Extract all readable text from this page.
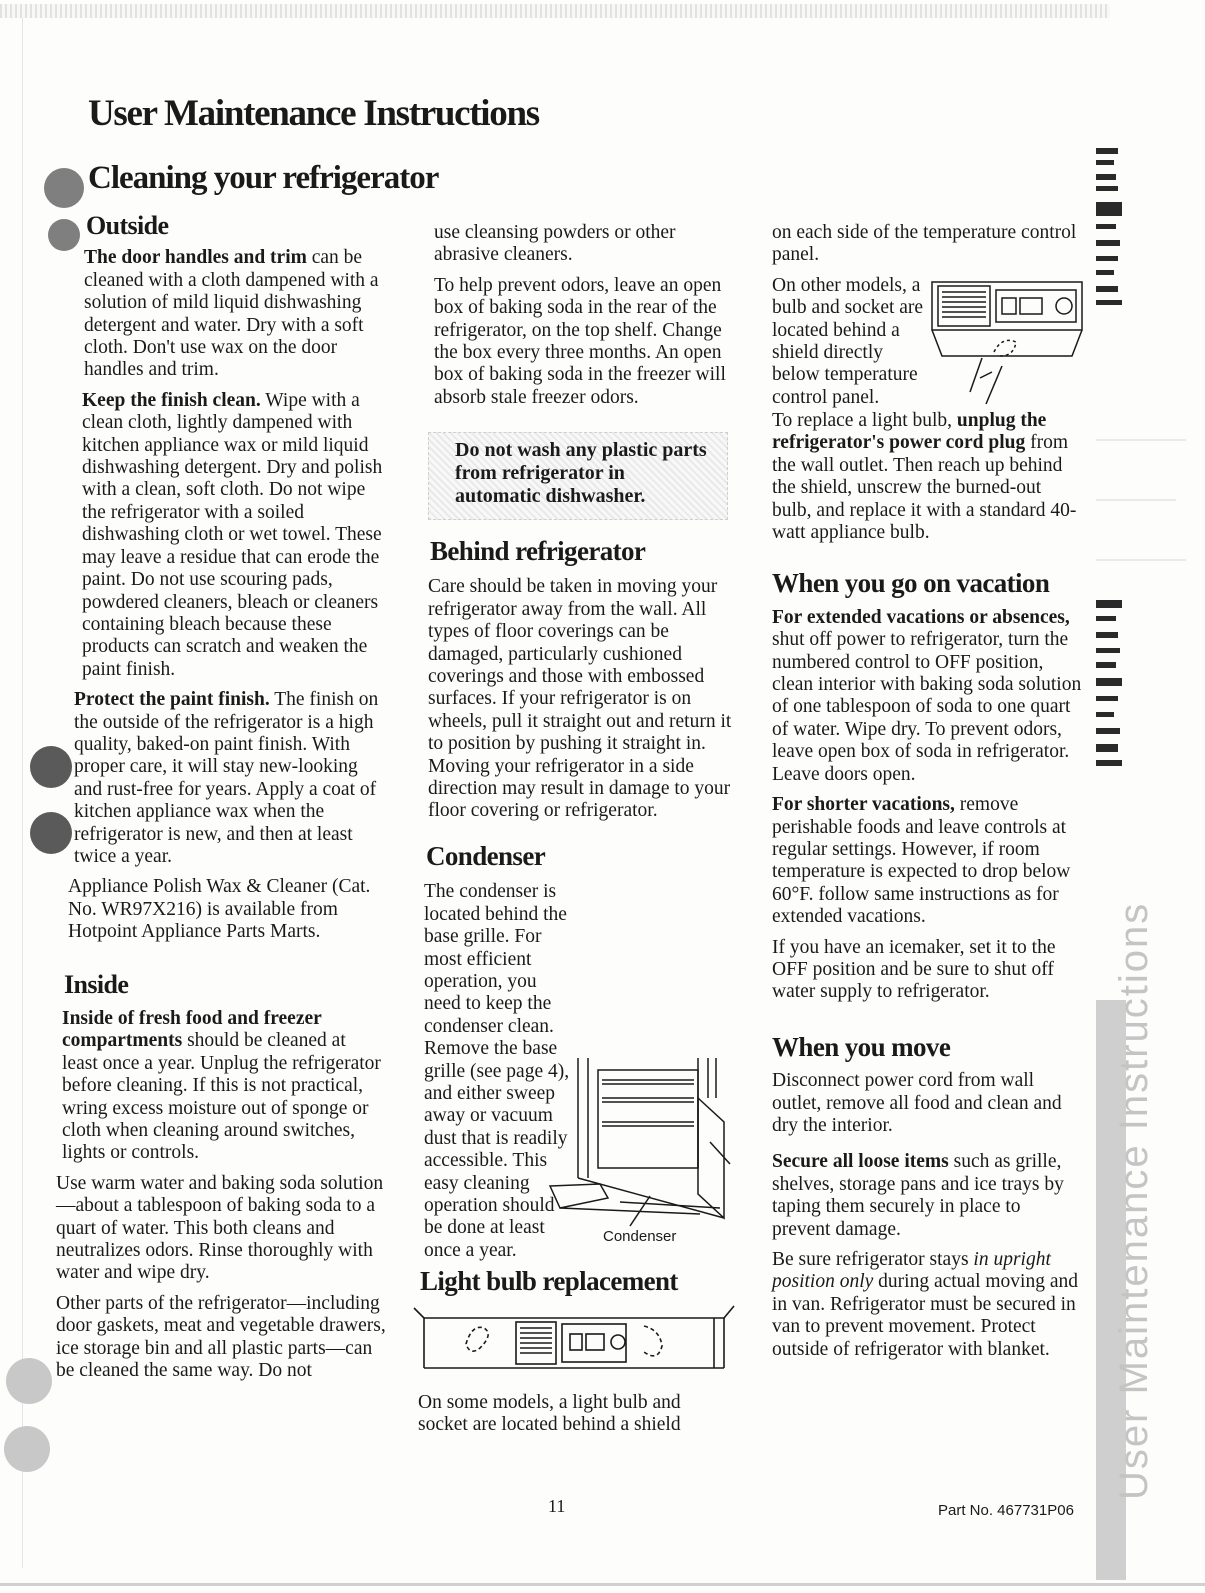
User Maintenance Instructions
Cleaning your refrigerator
Outside

The door handles and trim can be cleaned with a cloth dampened with a solution of mild liquid dishwashing detergent and water. Dry with a soft cloth. Don't use wax on the door handles and trim.

Keep the finish clean. Wipe with a clean cloth, lightly dampened with kitchen appliance wax or mild liquid dishwashing detergent. Dry and polish with a clean, soft cloth. Do not wipe the refrigerator with a soiled dishwashing cloth or wet towel. These may leave a residue that can erode the paint. Do not use scouring pads, powdered cleaners, bleach or cleaners containing bleach because these products can scratch and weaken the paint finish.

Protect the paint finish. The finish on the outside of the refrigerator is a high quality, baked-on paint finish. With proper care, it will stay new-looking and rust-free for years. Apply a coat of kitchen appliance wax when the refrigerator is new, and then at least twice a year.

Appliance Polish Wax & Cleaner (Cat. No. WR97X216) is available from Hotpoint Appliance Parts Marts.

Inside

Inside of fresh food and freezer compartments should be cleaned at least once a year. Unplug the refrigerator before cleaning. If this is not practical, wring excess moisture out of sponge or cloth when cleaning around switches, lights or controls.

Use warm water and baking soda solution—about a tablespoon of baking soda to a quart of water. This both cleans and neutralizes odors. Rinse thoroughly with water and wipe dry.

Other parts of the refrigerator—including door gaskets, meat and vegetable drawers, ice storage bin and all plastic parts—can be cleaned the same way. Do not

use cleansing powders or other abrasive cleaners.

To help prevent odors, leave an open box of baking soda in the rear of the refrigerator, on the top shelf. Change the box every three months. An open box of baking soda in the freezer will absorb stale freezer odors.

Do not wash any plastic parts from refrigerator in automatic dishwasher.
Behind refrigerator

Care should be taken in moving your refrigerator away from the wall. All types of floor coverings can be damaged, particularly cushioned coverings and those with embossed surfaces. If your refrigerator is on wheels, pull it straight out and return it to position by pushing it straight in. Moving your refrigerator in a side direction may result in damage to your floor covering or refrigerator.

Condenser

The condenser is located behind the base grille. For most efficient operation, you need to keep the condenser clean. Remove the base grille (see page 4), and either sweep away or vacuum dust that is readily accessible. This easy cleaning operation should be done at least once a year.

Condenser
Light bulb replacement

On some models, a light bulb and socket are located behind a shield

on each side of the temperature control panel.

On other models, a bulb and socket are located behind a shield directly below temperature control panel.

To replace a light bulb, unplug the refrigerator's power cord plug from the wall outlet. Then reach up behind the shield, unscrew the burned-out bulb, and replace it with a standard 40-watt appliance bulb.

When you go on vacation

For extended vacations or absences, shut off power to refrigerator, turn the numbered control to OFF position, clean interior with baking soda solution of one tablespoon of soda to one quart of water. Wipe dry. To prevent odors, leave open box of soda in refrigerator. Leave doors open.

For shorter vacations, remove perishable foods and leave controls at regular settings. However, if room temperature is expected to drop below 60°F. follow same instructions as for extended vacations.

If you have an icemaker, set it to the OFF position and be sure to shut off water supply to refrigerator.

When you move

Disconnect power cord from wall outlet, remove all food and clean and dry the interior.

Secure all loose items such as grille, shelves, storage pans and ice trays by taping them securely in place to prevent damage.

Be sure refrigerator stays in upright position only during actual moving and in van. Refrigerator must be secured in van to prevent movement. Protect outside of refrigerator with blanket.

11	Part No. 467731P06
User Maintenance Instructions
